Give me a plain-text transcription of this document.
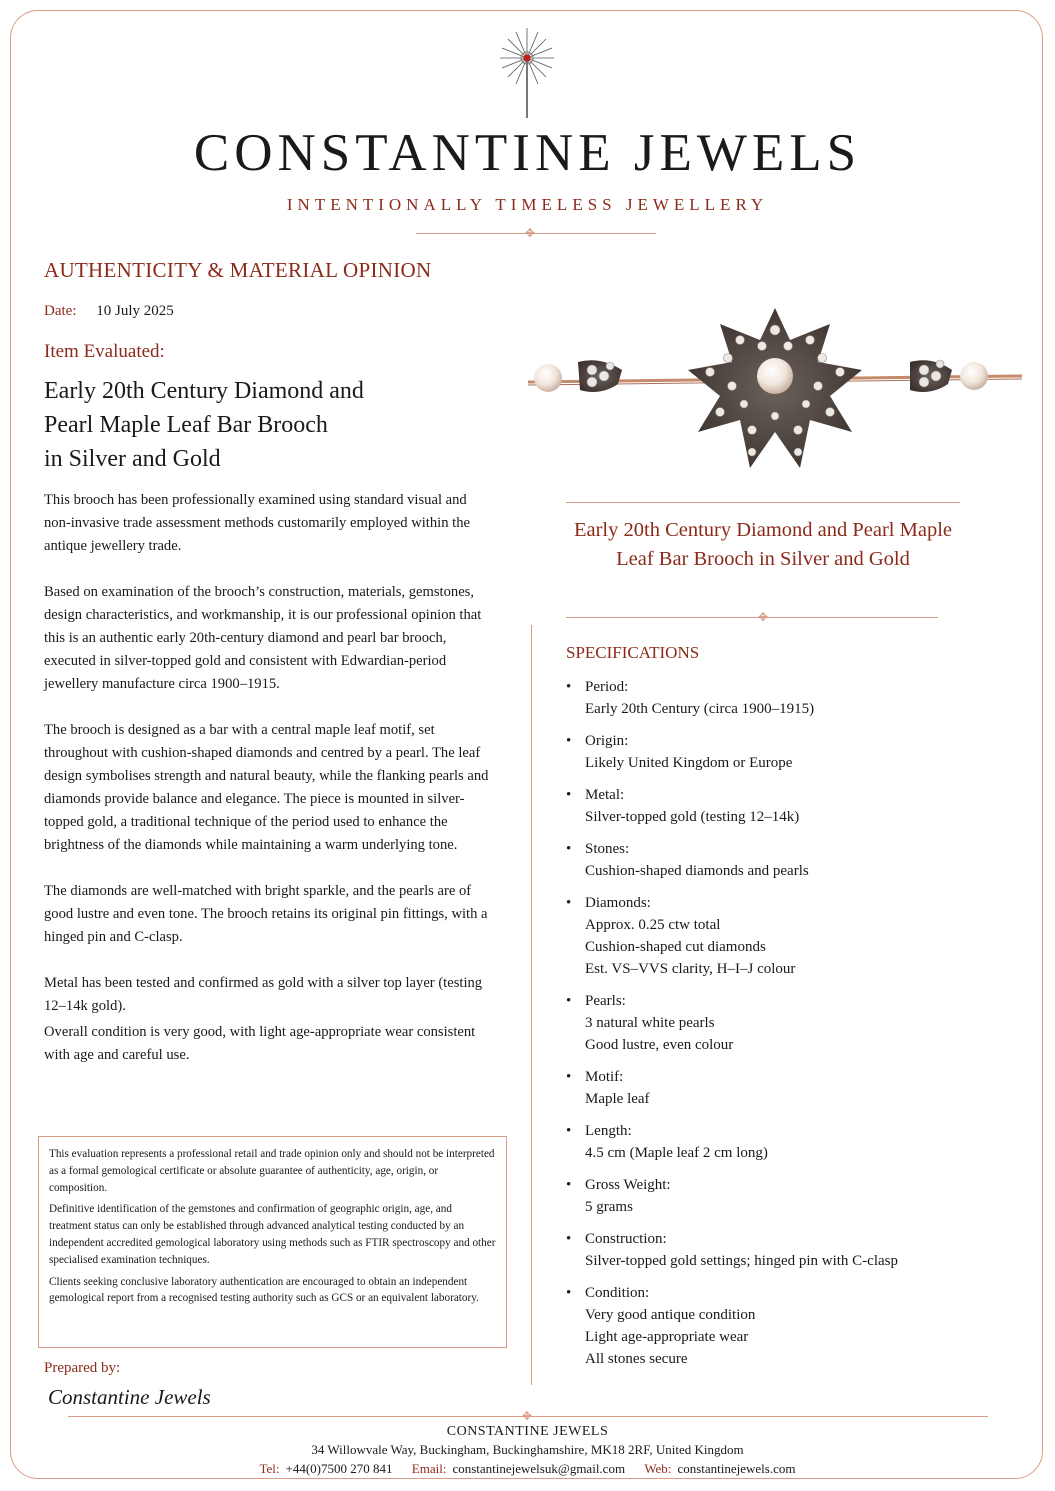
CONSTANTINE JEWELS
INTENTIONALLY TIMELESS JEWELLERY
✥
AUTHENTICITY & MATERIAL OPINION
Date: 10 July 2025
Item Evaluated:
Early 20th Century Diamond and
Pearl Maple Leaf Bar Brooch
in Silver and Gold

This brooch has been professionally examined using standard visual and non-invasive trade assessment methods customarily employed within the antique jewellery trade.

Based on examination of the brooch’s construction, materials, gemstones, design characteristics, and workmanship, it is our professional opinion that this is an authentic early 20th-century diamond and pearl bar brooch, executed in silver-topped gold and consistent with Edwardian-period jewellery manufacture circa 1900–1915.

The brooch is designed as a bar with a central maple leaf motif, set throughout with cushion-shaped diamonds and centred by a pearl. The leaf design symbolises strength and natural beauty, while the flanking pearls and diamonds provide balance and elegance. The piece is mounted in silver-topped gold, a traditional technique of the period used to enhance the brightness of the diamonds while maintaining a warm underlying tone.

The diamonds are well-matched with bright sparkle, and the pearls are of good lustre and even tone. The brooch retains its original pin fittings, with a hinged pin and C-clasp.

Metal has been tested and confirmed as gold with a silver top layer (testing 12–14k gold).

Overall condition is very good, with light age-appropriate wear consistent with age and careful use.

This evaluation represents a professional retail and trade opinion only and should not be interpreted as a formal gemological certificate or absolute guarantee of authenticity, age, origin, or composition.

Definitive identification of the gemstones and confirmation of geographic origin, age, and treatment status can only be established through advanced analytical testing conducted by an independent accredited gemological laboratory using methods such as FTIR spectroscopy and other specialised examination techniques.

Clients seeking conclusive laboratory authentication are encouraged to obtain an independent gemological report from a recognised testing authority such as GCS or an equivalent laboratory.

Prepared by:
Constantine Jewels
Early 20th Century Diamond and Pearl Maple Leaf Bar Brooch in Silver and Gold
✥
SPECIFICATIONS
• Period:
Early 20th Century (circa 1900–1915)
• Origin:
Likely United Kingdom or Europe
• Metal:
Silver-topped gold (testing 12–14k)
• Stones:
Cushion-shaped diamonds and pearls
• Diamonds:
Approx. 0.25 ctw total
Cushion-shaped cut diamonds
Est. VS–VVS clarity, H–I–J colour
• Pearls:
3 natural white pearls
Good lustre, even colour
• Motif:
Maple leaf
• Length:
4.5 cm (Maple leaf 2 cm long)
• Gross Weight:
5 grams
• Construction:
Silver-topped gold settings; hinged pin with C-clasp
• Condition:
Very good antique condition
Light age-appropriate wear
All stones secure
✥
CONSTANTINE JEWELS
34 Willowvale Way, Buckingham, Buckinghamshire, MK18 2RF, United Kingdom
Tel: +44(0)7500 270 841 Email: constantinejewelsuk@gmail.com Web: constantinejewels.com
